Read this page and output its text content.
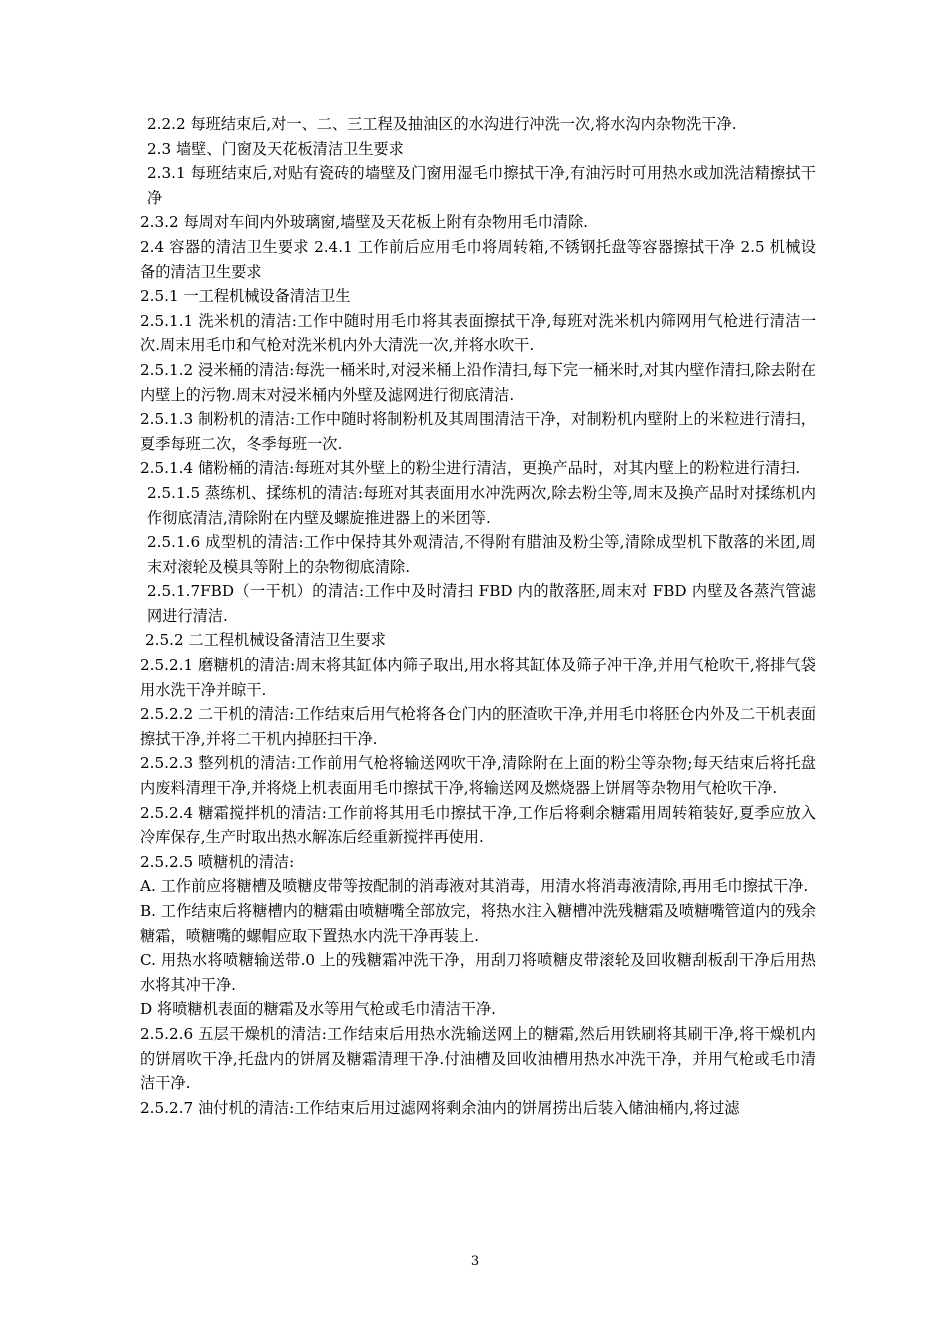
2.2.2 每班结束后,对一、二、三工程及抽油区的水沟进行冲洗一次,将水沟内杂物洗干净.

2.3 墙壁、门窗及天花板清洁卫生要求

2.3.1 每班结束后,对贴有瓷砖的墙壁及门窗用湿毛巾擦拭干净,有油污时可用热水或加洗洁精擦拭干净

2.3.2 每周对车间内外玻璃窗,墙壁及天花板上附有杂物用毛巾清除.

2.4 容器的清洁卫生要求 2.4.1 工作前后应用毛巾将周转箱,不锈钢托盘等容器擦拭干净 2.5 机械设备的清洁卫生要求

2.5.1 一工程机械设备清洁卫生

2.5.1.1 洗米机的清洁:工作中随时用毛巾将其表面擦拭干净,每班对洗米机内筛网用气枪进行清洁一次.周末用毛巾和气枪对洗米机内外大清洗一次,并将水吹干.

2.5.1.2 浸米桶的清洁:每洗一桶米时,对浸米桶上沿作清扫,每下完一桶米时,对其内壁作清扫,除去附在内壁上的污物.周末对浸米桶内外壁及滤网进行彻底清洁.

2.5.1.3 制粉机的清洁:工作中随时将制粉机及其周围清洁干净，对制粉机内壁附上的米粒进行清扫，夏季每班二次，冬季每班一次.

2.5.1.4 储粉桶的清洁:每班对其外壁上的粉尘进行清洁，更换产品时，对其内壁上的粉粒进行清扫.

2.5.1.5 蒸练机、揉练机的清洁:每班对其表面用水冲洗两次,除去粉尘等,周末及换产品时对揉练机内作彻底清洁,清除附在内壁及螺旋推进器上的米团等.

2.5.1.6 成型机的清洁:工作中保持其外观清洁,不得附有腊油及粉尘等,清除成型机下散落的米团,周末对滚轮及模具等附上的杂物彻底清除.

2.5.1.7FBD（一干机）的清洁:工作中及时清扫 FBD 内的散落胚,周末对 FBD 内壁及各蒸汽管滤网进行清洁.

2.5.2 二工程机械设备清洁卫生要求

2.5.2.1 磨糖机的清洁:周末将其缸体内筛子取出,用水将其缸体及筛子冲干净,并用气枪吹干,将排气袋用水洗干净并晾干.

2.5.2.2 二干机的清洁:工作结束后用气枪将各仓门内的胚渣吹干净,并用毛巾将胚仓内外及二干机表面擦拭干净,并将二干机内掉胚扫干净.

2.5.2.3 整列机的清洁:工作前用气枪将输送网吹干净,清除附在上面的粉尘等杂物;每天结束后将托盘内废料清理干净,并将烧上机表面用毛巾擦拭干净,将输送网及燃烧器上饼屑等杂物用气枪吹干净.

2.5.2.4 糖霜搅拌机的清洁:工作前将其用毛巾擦拭干净,工作后将剩余糖霜用周转箱装好,夏季应放入冷库保存,生产时取出热水解冻后经重新搅拌再使用.

2.5.2.5 喷糖机的清洁:

A. 工作前应将糖槽及喷糖皮带等按配制的消毒液对其消毒，用清水将消毒液清除,再用毛巾擦拭干净.

B. 工作结束后将糖槽内的糖霜由喷糖嘴全部放完，将热水注入糖槽冲洗残糖霜及喷糖嘴管道内的残余糖霜，喷糖嘴的螺帽应取下置热水内洗干净再装上.

C. 用热水将喷糖输送带.0 上的残糖霜冲洗干净，用刮刀将喷糖皮带滚轮及回收糖刮板刮干净后用热水将其冲干净.

D 将喷糖机表面的糖霜及水等用气枪或毛巾清洁干净.

2.5.2.6 五层干燥机的清洁:工作结束后用热水洗输送网上的糖霜,然后用铁刷将其刷干净,将干燥机内的饼屑吹干净,托盘内的饼屑及糖霜清理干净.付油槽及回收油槽用热水冲洗干净，并用气枪或毛巾清洁干净.

2.5.2.7 油付机的清洁:工作结束后用过滤网将剩余油内的饼屑捞出后装入储油桶内,将过滤

3
